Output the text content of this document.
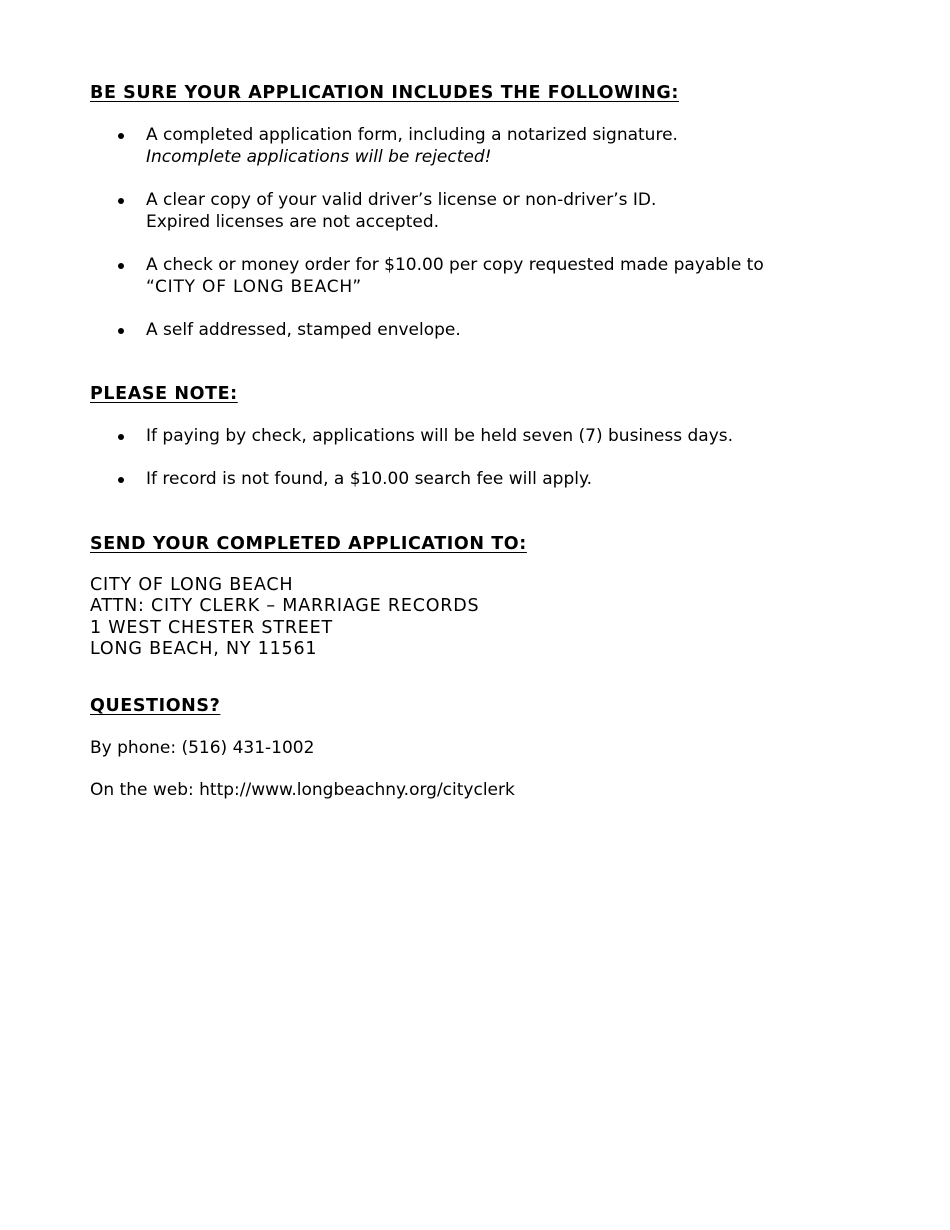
BE SURE YOUR APPLICATION INCLUDES THE FOLLOWING:
A completed application form, including a notarized signature.
Incomplete applications will be rejected!
A clear copy of your valid driver’s license or non-driver’s ID.
Expired licenses are not accepted.
A check or money order for $10.00 per copy requested made payable to
“CITY OF LONG BEACH”
A self addressed, stamped envelope.
PLEASE NOTE:
If paying by check, applications will be held seven (7) business days.
If record is not found, a $10.00 search fee will apply.
SEND YOUR COMPLETED APPLICATION TO:
CITY OF LONG BEACH
ATTN: CITY CLERK – MARRIAGE RECORDS
1 WEST CHESTER STREET
LONG BEACH, NY 11561
QUESTIONS?
By phone: (516) 431-1002
On the web: http://www.longbeachny.org/cityclerk
